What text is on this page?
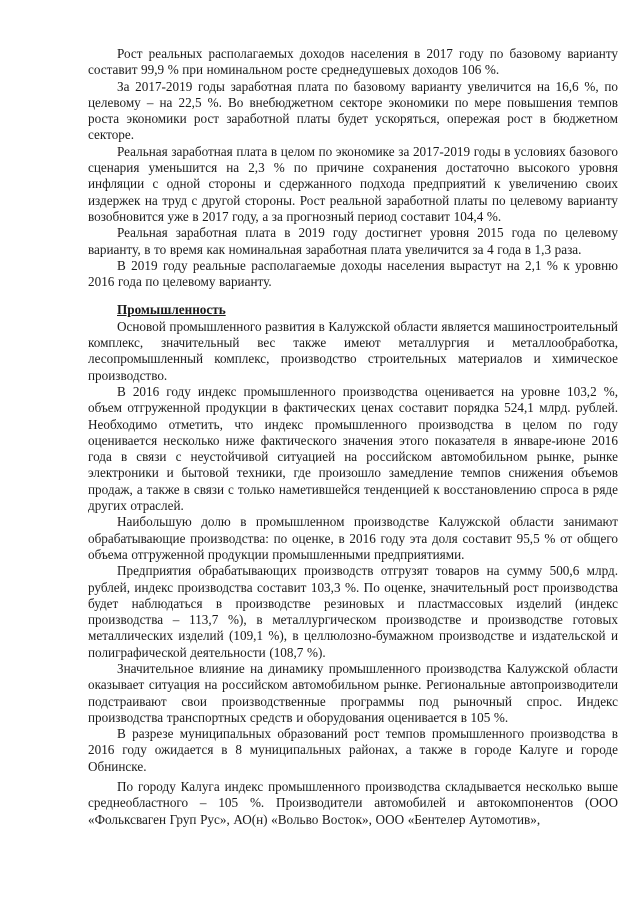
Рост реальных располагаемых доходов населения в 2017 году по базовому варианту составит 99,9 % при номинальном росте среднедушевых доходов 106 %.

За 2017-2019 годы заработная плата по базовому варианту увеличится на 16,6 %, по целевому – на 22,5 %. Во внебюджетном секторе экономики по мере повышения темпов роста экономики рост заработной платы будет ускоряться, опережая рост в бюджетном секторе.

Реальная заработная плата в целом по экономике за 2017-2019 годы в условиях базового сценария уменьшится на 2,3 % по причине сохранения достаточно высокого уровня инфляции с одной стороны и сдержанного подхода предприятий к увеличению своих издержек на труд с другой стороны. Рост реальной заработной платы по целевому варианту возобновится уже в 2017 году, а за прогнозный период составит 104,4 %.

Реальная заработная плата в 2019 году достигнет уровня 2015 года по целевому варианту, в то время как номинальная заработная плата увеличится за 4 года в 1,3 раза.

В 2019 году реальные располагаемые доходы населения вырастут на 2,1 % к уровню 2016 года по целевому варианту.

Промышленность

Основой промышленного развития в Калужской области является машиностроительный комплекс, значительный вес также имеют металлургия и металлообработка, лесопромышленный комплекс, производство строительных материалов и химическое производство.

В 2016 году индекс промышленного производства оценивается на уровне 103,2 %, объем отгруженной продукции в фактических ценах составит порядка 524,1 млрд. рублей. Необходимо отметить, что индекс промышленного производства в целом по году оценивается несколько ниже фактического значения этого показателя в январе-июне 2016 года в связи с неустойчивой ситуацией на российском автомобильном рынке, рынке электроники и бытовой техники, где произошло замедление темпов снижения объемов продаж, а также в связи с только наметившейся тенденцией к восстановлению спроса в ряде других отраслей.

Наибольшую долю в промышленном производстве Калужской области занимают обрабатывающие производства: по оценке, в 2016 году эта доля составит 95,5 % от общего объема отгруженной продукции промышленными предприятиями.

Предприятия обрабатывающих производств отгрузят товаров на сумму 500,6 млрд. рублей, индекс производства составит 103,3 %. По оценке, значительный рост производства будет наблюдаться в производстве резиновых и пластмассовых изделий (индекс производства – 113,7 %), в металлургическом производстве и производстве готовых металлических изделий (109,1 %), в целлюлозно-бумажном производстве и издательской и полиграфической деятельности (108,7 %).

Значительное влияние на динамику промышленного производства Калужской области оказывает ситуация на российском автомобильном рынке. Региональные автопроизводители подстраивают свои производственные программы под рыночный спрос. Индекс производства транспортных средств и оборудования оценивается в 105 %.

В разрезе муниципальных образований рост темпов промышленного производства в 2016 году ожидается в 8 муниципальных районах, а также в городе Калуге и городе Обнинске.

По городу Калуга индекс промышленного производства складывается несколько выше среднеобластного – 105 %. Производители автомобилей и автокомпонентов (ООО «Фольксваген Груп Рус», АО(н) «Вольво Восток», ООО «Бентелер Аутомотив»,
